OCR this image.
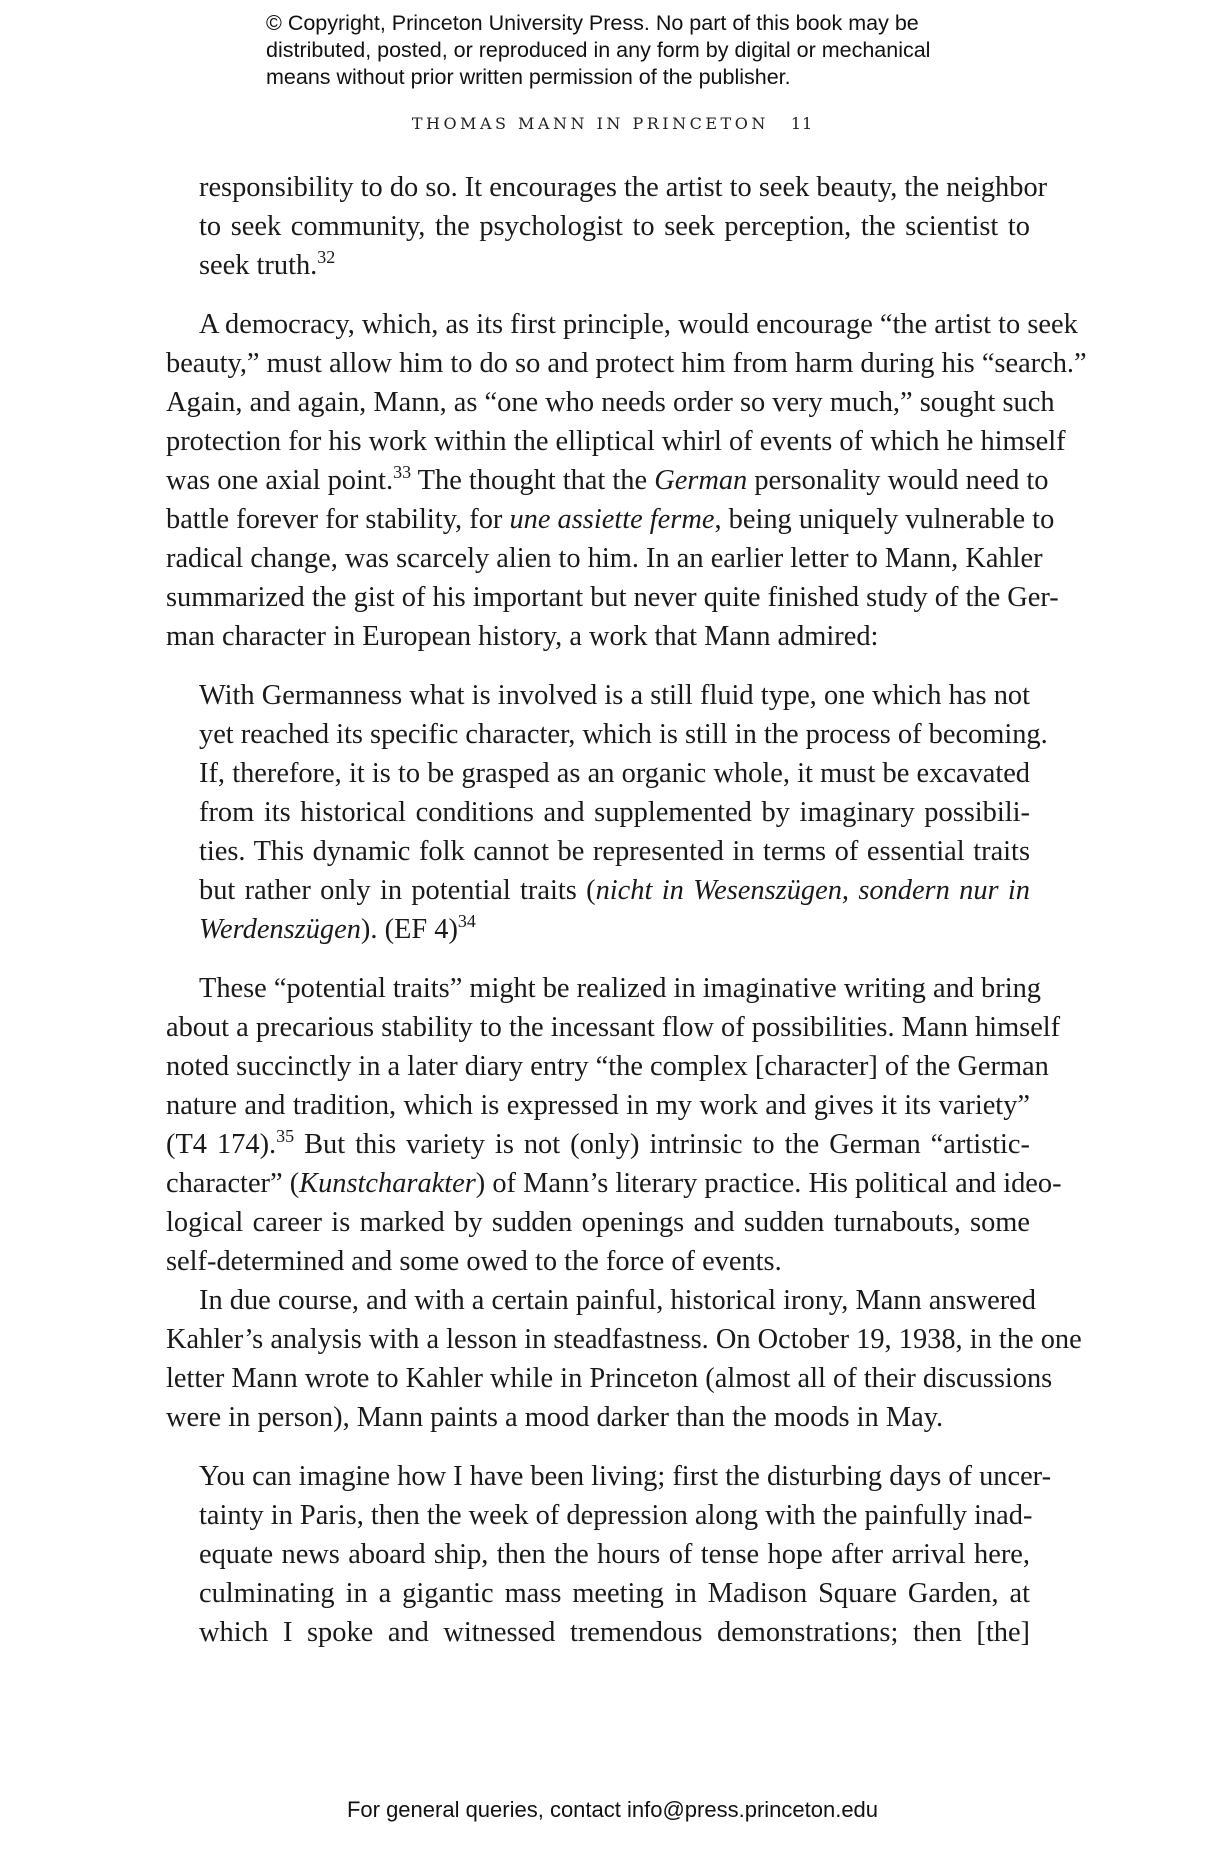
© Copyright, Princeton University Press. No part of this book may be
distributed, posted, or reproduced in any form by digital or mechanical
means without prior written permission of the publisher.
THOMAS MANN IN PRINCETON 11
responsibility to do so. It encourages the artist to seek beauty, the neighbor
to seek community, the psychologist to seek perception, the scientist to
seek truth.$^{32}$
A democracy, which, as its first principle, would encourage “the artist to seek
beauty,” must allow him to do so and protect him from harm during his “search.”
Again, and again, Mann, as “one who needs order so very much,” sought such
protection for his work within the elliptical whirl of events of which he himself
was one axial point.$^{33}$ The thought that the German personality would need to
battle forever for stability, for une assiette ferme, being uniquely vulnerable to
radical change, was scarcely alien to him. In an earlier letter to Mann, Kahler
summarized the gist of his important but never quite finished study of the Ger-
man character in European history, a work that Mann admired:
With Germanness what is involved is a still fluid type, one which has not
yet reached its specific character, which is still in the process of becoming.
If, therefore, it is to be grasped as an organic whole, it must be excavated
from its historical conditions and supplemented by imaginary possibili-
ties. This dynamic folk cannot be represented in terms of essential traits
but rather only in potential traits (nicht in Wesenszügen, sondern nur in
Werdenszügen). (EF 4)$^{34}$
These “potential traits” might be realized in imaginative writing and bring
about a precarious stability to the incessant flow of possibilities. Mann himself
noted succinctly in a later diary entry “the complex [character] of the German
nature and tradition, which is expressed in my work and gives it its variety”
(T4 174).$^{35}$ But this variety is not (only) intrinsic to the German “artistic-
character” (Kunstcharakter) of Mann’s literary practice. His political and ideo-
logical career is marked by sudden openings and sudden turnabouts, some
self-determined and some owed to the force of events.
In due course, and with a certain painful, historical irony, Mann answered
Kahler’s analysis with a lesson in steadfastness. On October 19, 1938, in the one
letter Mann wrote to Kahler while in Princeton (almost all of their discussions
were in person), Mann paints a mood darker than the moods in May.
You can imagine how I have been living; first the disturbing days of uncer-
tainty in Paris, then the week of depression along with the painfully inad-
equate news aboard ship, then the hours of tense hope after arrival here,
culminating in a gigantic mass meeting in Madison Square Garden, at
which I spoke and witnessed tremendous demonstrations; then [the]
For general queries, contact info@press.princeton.edu
